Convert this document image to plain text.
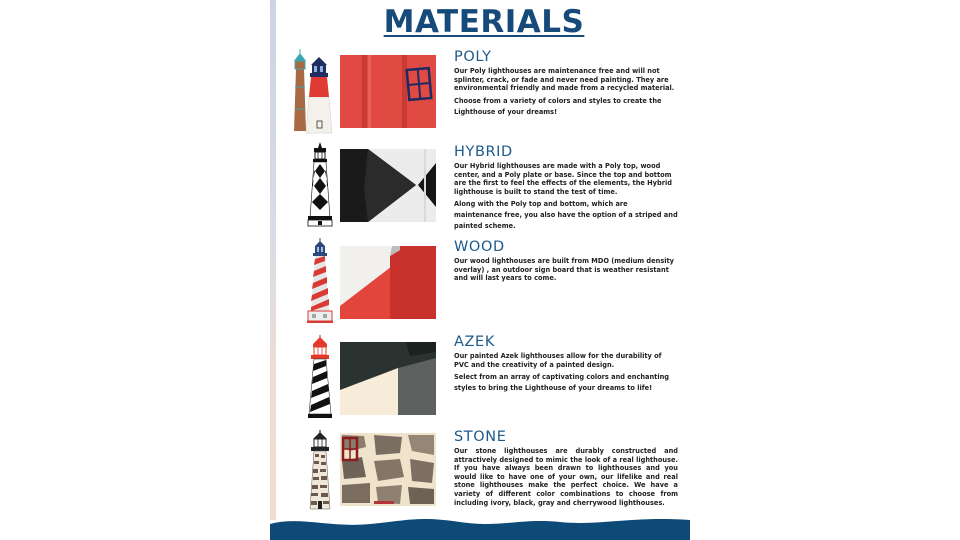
MATERIALS
POLY
Our Poly lighthouses are maintenance free and will not splinter, crack, or fade and never need painting. They are environmental friendly and made from a recycled material.
Choose from a variety of colors and styles to create the Lighthouse of your dreams!
HYBRID
Our Hybrid lighthouses are made with a Poly top, wood center, and a Poly plate or base. Since the top and bottom are the first to feel the effects of the elements, the Hybrid lighthouse is built to stand the test of time.
Along with the Poly top and bottom, which are maintenance free, you also have the option of a striped and painted scheme.
WOOD
Our wood lighthouses are built from MDO (medium density overlay) , an outdoor sign board that is weather resistant and will last years to come.
AZEK
Our painted Azek lighthouses allow for the durability of PVC and the creativity of a painted design.
Select from an array of captivating colors and enchanting styles to bring the Lighthouse of your dreams to life!
STONE
Our stone lighthouses are durably constructed and attractively designed to mimic the look of a real lighthouse. If you have always been drawn to lighthouses and you would like to have one of your own, our lifelike and real stone lighthouses make the perfect choice. We have a variety of different color combinations to choose from including ivory, black, gray and cherrywood lighthouses.
